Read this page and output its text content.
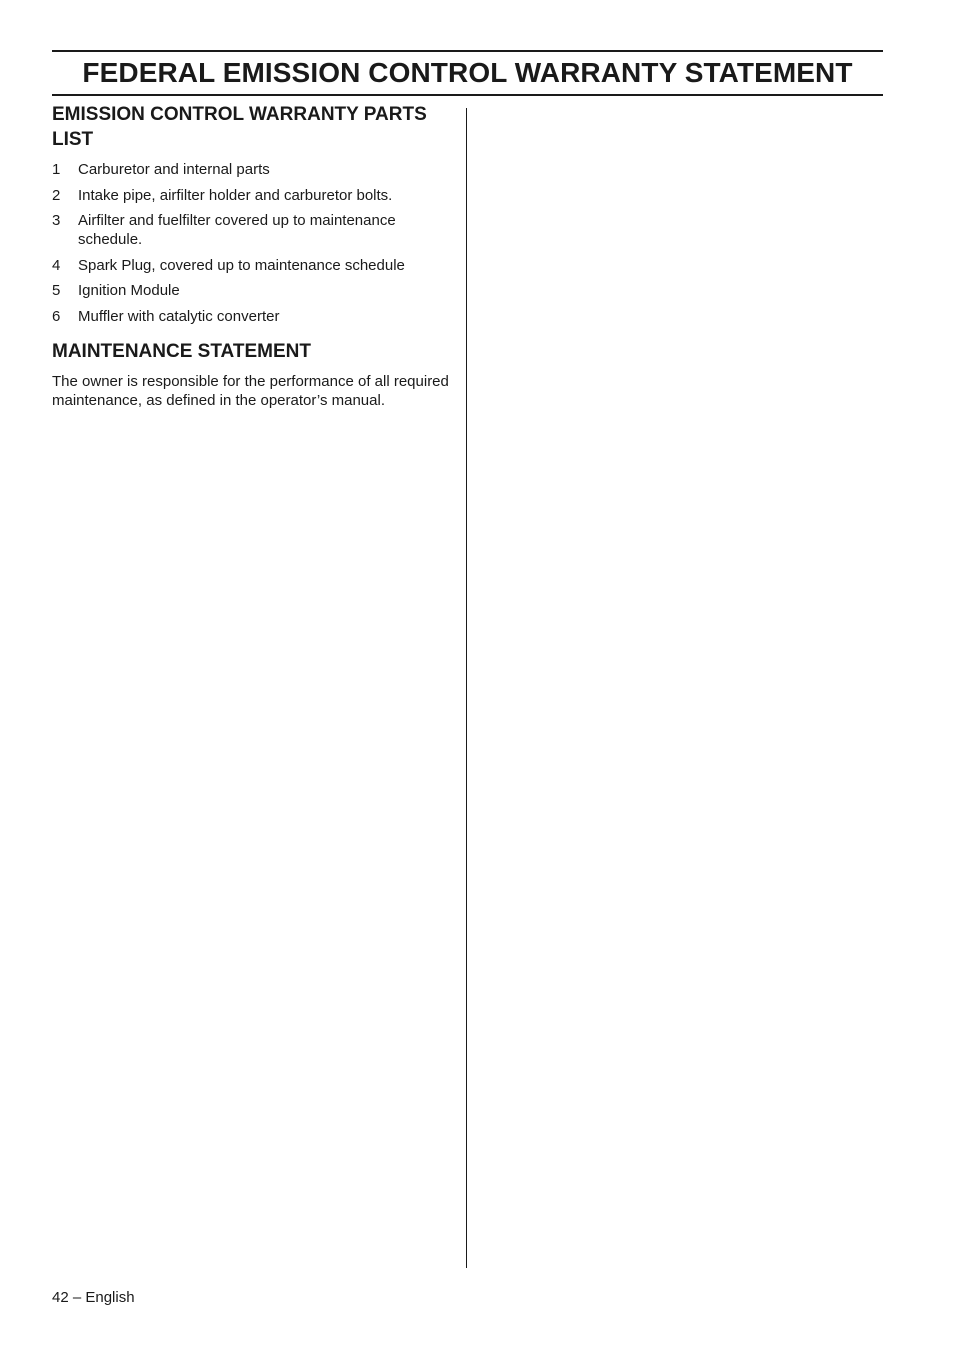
FEDERAL EMISSION CONTROL WARRANTY STATEMENT
EMISSION CONTROL WARRANTY PARTS LIST
1	Carburetor and internal parts
2	Intake pipe, airfilter holder and carburetor bolts.
3	Airfilter and fuelfilter covered up to maintenance schedule.
4	Spark Plug, covered up to maintenance schedule
5	Ignition Module
6	Muffler with catalytic converter
MAINTENANCE STATEMENT

The owner is responsible for the performance of all required maintenance, as defined in the operator’s manual.

42 – English
